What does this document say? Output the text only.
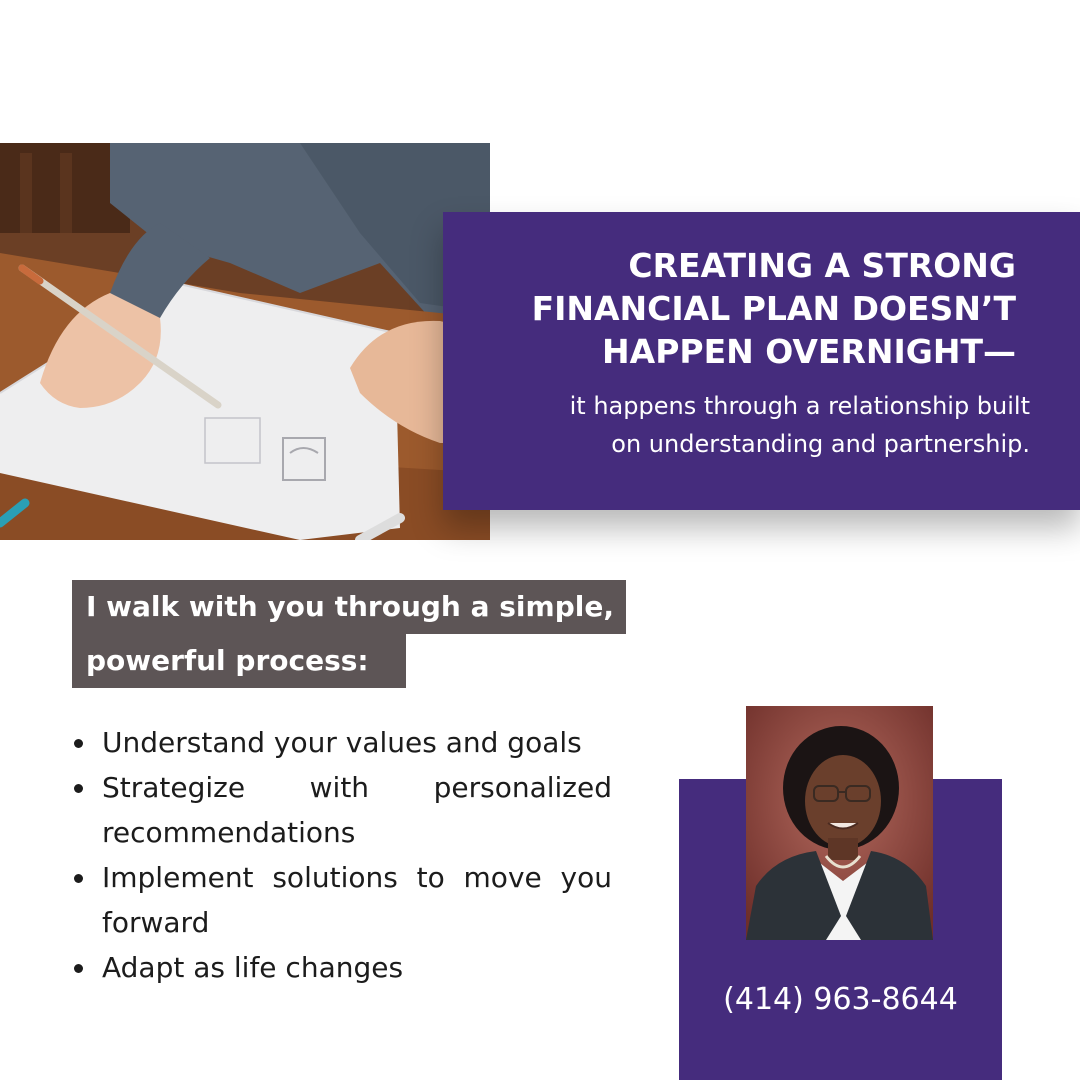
CREATING A STRONG
FINANCIAL PLAN DOESN’T
HAPPEN OVERNIGHT—
it happens through a relationship built
on understanding and partnership.
I walk with you through a simple,
powerful process:
Understand your values and goals
Strategize with personalized recommendations
Implement solutions to move you forward
Adapt as life changes
(414) 963-8644
